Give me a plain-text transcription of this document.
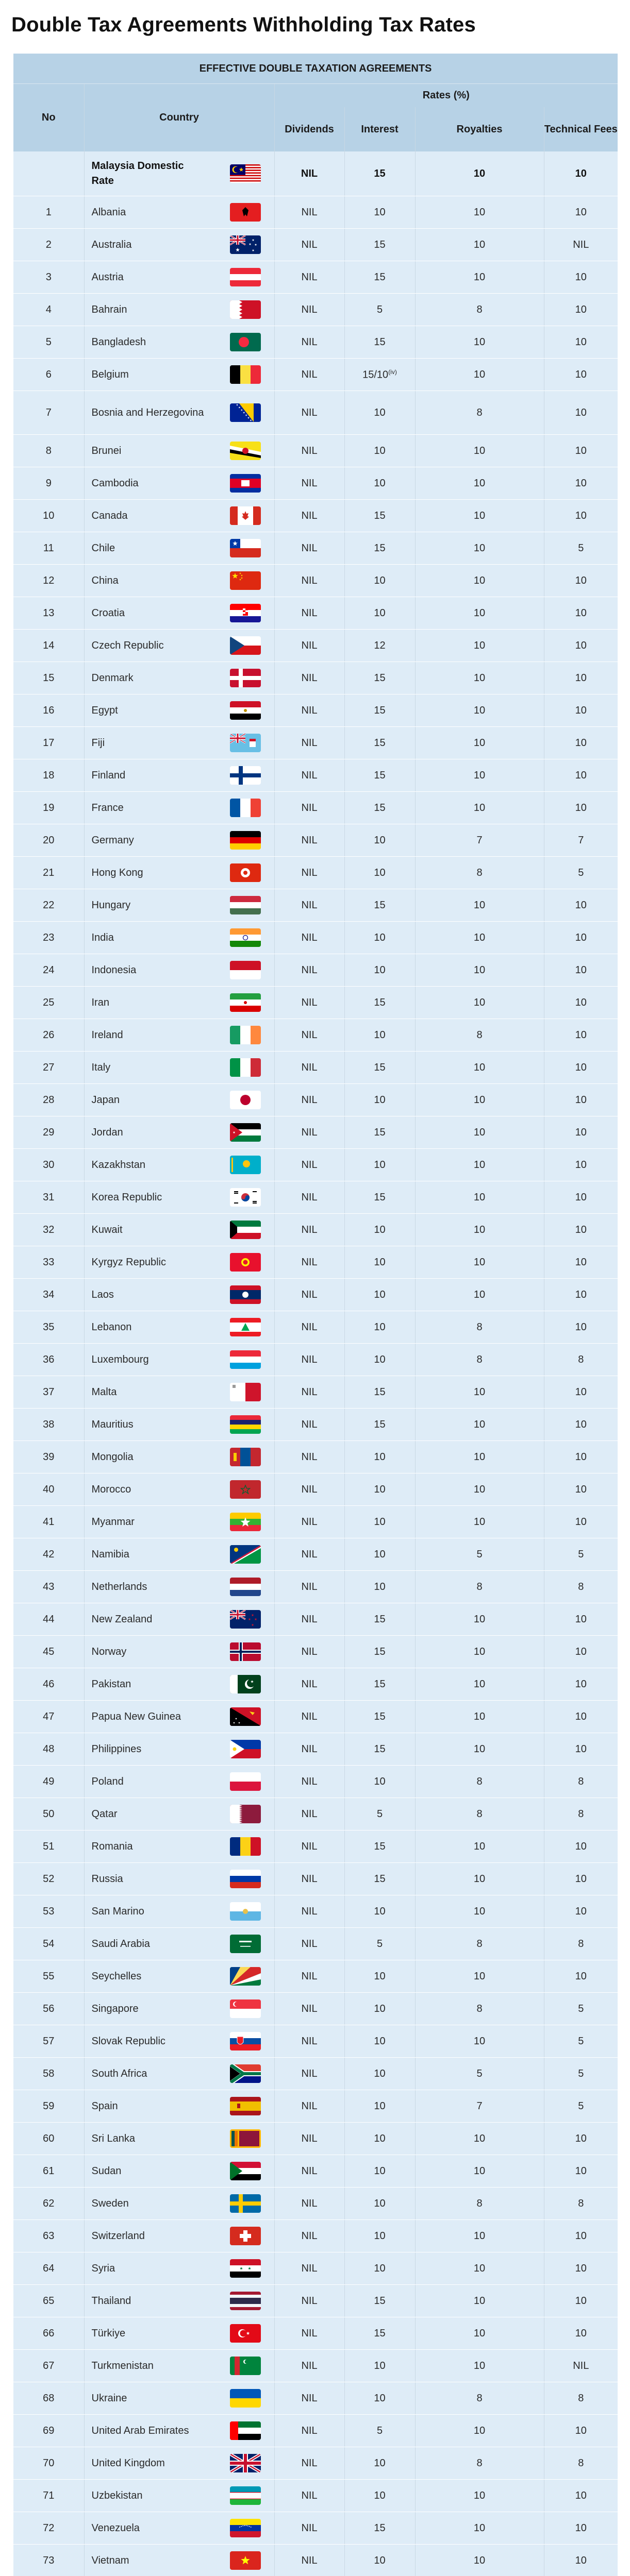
Double Tax Agreements Withholding Tax Rates
EFFECTIVE DOUBLE TAXATION AGREEMENTS					
No	Country	Rates (%)			
		Dividends	Interest	Royalties	Technical Fees
	Malaysia Domestic Rate	NIL	15	10	10
1	Albania	NIL	10	10	10
2	Australia	NIL	15	10	NIL
3	Austria	NIL	15	10	10
4	Bahrain	NIL	5	8	10
5	Bangladesh	NIL	15	10	10
6	Belgium	NIL	15/10$^{(iv)}$	10	10
7	Bosnia and Herzegovina	NIL	10	8	10
8	Brunei	NIL	10	10	10
9	Cambodia	NIL	10	10	10
10	Canada	NIL	15	10	10
11	Chile	NIL	15	10	5
12	China	NIL	10	10	10
13	Croatia	NIL	10	10	10
14	Czech Republic	NIL	12	10	10
15	Denmark	NIL	15	10	10
16	Egypt	NIL	15	10	10
17	Fiji	NIL	15	10	10
18	Finland	NIL	15	10	10
19	France	NIL	15	10	10
20	Germany	NIL	10	7	7
21	Hong Kong	NIL	10	8	5
22	Hungary	NIL	15	10	10
23	India	NIL	10	10	10
24	Indonesia	NIL	10	10	10
25	Iran	NIL	15	10	10
26	Ireland	NIL	10	8	10
27	Italy	NIL	15	10	10
28	Japan	NIL	10	10	10
29	Jordan	NIL	15	10	10
30	Kazakhstan	NIL	10	10	10
31	Korea Republic	NIL	15	10	10
32	Kuwait	NIL	10	10	10
33	Kyrgyz Republic	NIL	10	10	10
34	Laos	NIL	10	10	10
35	Lebanon	NIL	10	8	10
36	Luxembourg	NIL	10	8	8
37	Malta	NIL	15	10	10
38	Mauritius	NIL	15	10	10
39	Mongolia	NIL	10	10	10
40	Morocco	NIL	10	10	10
41	Myanmar	NIL	10	10	10
42	Namibia	NIL	10	5	5
43	Netherlands	NIL	10	8	8
44	New Zealand	NIL	15	10	10
45	Norway	NIL	15	10	10
46	Pakistan	NIL	15	10	10
47	Papua New Guinea	NIL	15	10	10
48	Philippines	NIL	15	10	10
49	Poland	NIL	10	8	8
50	Qatar	NIL	5	8	8
51	Romania	NIL	15	10	10
52	Russia	NIL	15	10	10
53	San Marino	NIL	10	10	10
54	Saudi Arabia	NIL	5	8	8
55	Seychelles	NIL	10	10	10
56	Singapore	NIL	10	8	5
57	Slovak Republic	NIL	10	10	5
58	South Africa	NIL	10	5	5
59	Spain	NIL	10	7	5
60	Sri Lanka	NIL	10	10	10
61	Sudan	NIL	10	10	10
62	Sweden	NIL	10	8	8
63	Switzerland	NIL	10	10	10
64	Syria	NIL	10	10	10
65	Thailand	NIL	15	10	10
66	Türkiye	NIL	15	10	10
67	Turkmenistan	NIL	10	10	NIL
68	Ukraine	NIL	10	8	8
69	United Arab Emirates	NIL	5	10	10
70	United Kingdom	NIL	10	8	8
71	Uzbekistan	NIL	10	10	10
72	Venezuela	NIL	15	10	10
73	Vietnam	NIL	10	10	10
